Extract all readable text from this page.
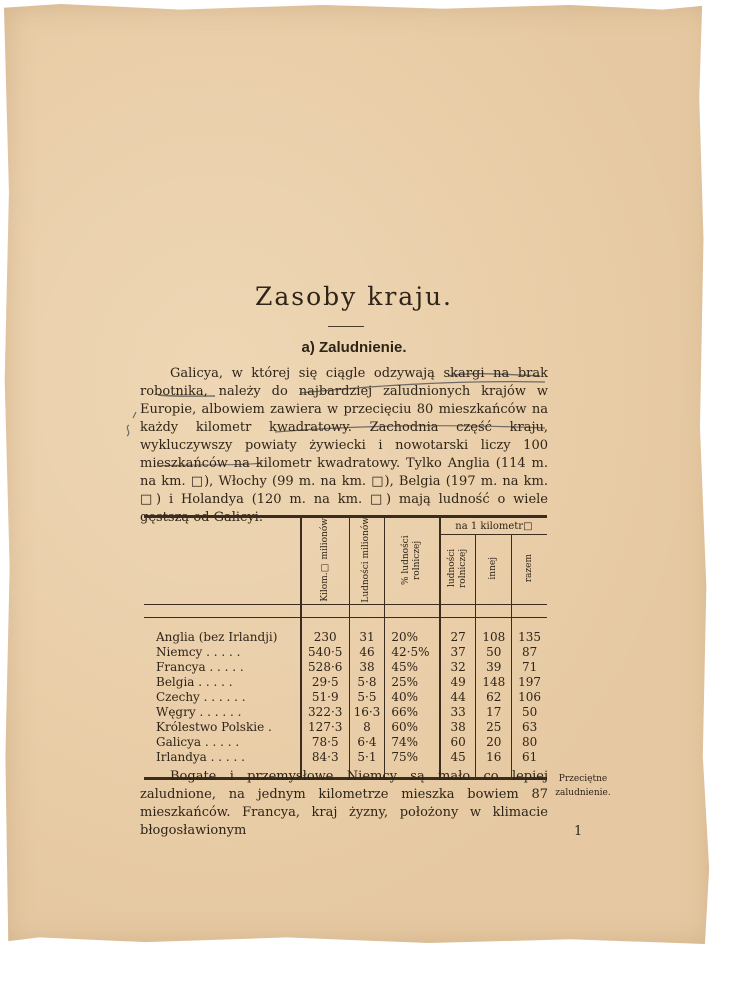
Zasoby kraju.
a) Zaludnienie.
Galicya, w której się ciągle odzywają skargi na brak robotnika, należy do najbardziej zaludnionych krajów w Europie, albowiem zawiera w przecięciu 80 mieszkańców na każdy kilometr kwadratowy. Zachodnia część kraju, wykluczywszy powiaty żywiecki i nowotarski liczy 100 mieszkańców na kilometr kwadratowy. Tylko Anglia (114 m. na km. □), Włochy (99 m. na km. □), Belgia (197 m. na km. □) i Holandya (120 m. na km. □) mają ludność o wiele gęstszą od Galicyi.
	Kilom.□ milionów	Ludności milionów	% ludności rolniczej	na 1 kilometr□		
				ludności rolniczej	innej	razem

Anglia (bez Irlandji)	230	31	20%	27	108	135
Niemcy . . . . .	540·5	46	42·5%	37	50	87
Francya . . . . .	528·6	38	45%	32	39	71
Belgia . . . . .	29·5	5·8	25%	49	148	197
Czechy . . . . . .	51·9	5·5	40%	44	62	106
Węgry . . . . . .	322·3	16·3	66%	33	17	50
Królestwo Polskie .	127·3	8	60%	38	25	63
Galicya . . . . .	78·5	6·4	74%	60	20	80
Irlandya . . . . .	84·3	5·1	75%	45	16	61

Bogate i przemysłowe Niemcy są mało co lepiej zaludnione, na jednym kilometrze mieszka bowiem 87 mieszkańców. Francya, kraj żyzny, położony w klimacie błogosławionym
Przeciętne zaludnienie.
1
